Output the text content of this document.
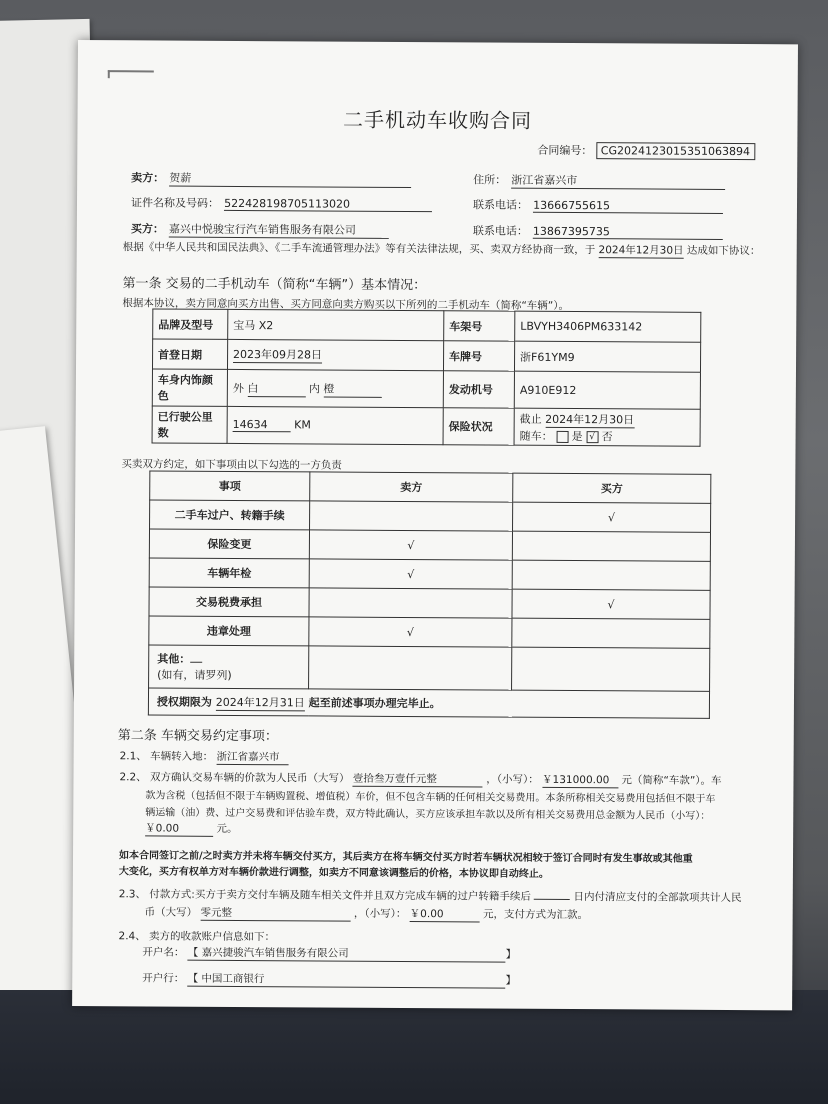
二手机动车收购合同
合同编号： CG2024123015351063894
卖方： 贺薪	住所： 浙江省嘉兴市
证件名称及号码： 522428198705113020	联系电话： 13666755615
买方： 嘉兴中悦骏宝行汽车销售服务有限公司	联系电话： 13867395735
根据《中华人民共和国民法典》、《二手车流通管理办法》等有关法律法规，买、卖双方经协商一致，于 2024年12月30日 达成如下协议：
第一条 交易的二手机动车（简称“车辆”）基本情况：
根据本协议，卖方同意向买方出售、买方同意向卖方购买以下所列的二手机动车（简称“车辆”）。
品牌及型号	宝马 X2	车架号	LBVYH3406PM633142
首登日期	2023年09月28日	车牌号	浙F61YM9
车身内饰颜色	外 白 内 橙	发动机号	A910E912
已行驶公里数	14634 KM	保险状况	截止 2024年12月30日
随车： 是 √ 否
买卖双方约定，如下事项由以下勾选的一方负责
事项	卖方	买方
二手车过户、转籍手续		√
保险变更	√	
车辆年检	√	
交易税费承担		√
违章处理	√	

其他：
(如有，请罗列)		

授权期限为 2024年12月31日 起至前述事项办理完毕止。		
第二条 车辆交易约定事项：
2.1、 车辆转入地： 浙江省嘉兴市
2.2、 双方确认交易车辆的价款为人民币（大写） 壹拾叁万壹仟元整	，（小写）： ￥131000.00 元（简称“车款”）。车
款为含税（包括但不限于车辆购置税、增值税）车价，但不包含车辆的任何相关交易费用。本条所称相关交易费用包括但不限于车
辆运输（油）费、过户交易费和评估验车费，双方特此确认，买方应该承担车款以及所有相关交易费用总金额为人民币（小写）：
￥0.00	元。
如本合同签订之前/之时卖方并未将车辆交付买方，其后卖方在将车辆交付买方时若车辆状况相较于签订合同时有发生事故或其他重
大变化，买方有权单方对车辆价款进行调整，如卖方不同意该调整后的价格，本协议即自动终止。
2.3、 付款方式:买方于卖方交付车辆及随车相关文件并且双方完成车辆的过户转籍手续后	日内付清应支付的全部款项共计人民
币（大写） 零元整	，（小写）： ￥0.00	元，支付方式为汇款。
2.4、 卖方的收款账户信息如下：
开户名： 【 嘉兴捷骏汽车销售服务有限公司	】
开户行： 【 中国工商银行	】
